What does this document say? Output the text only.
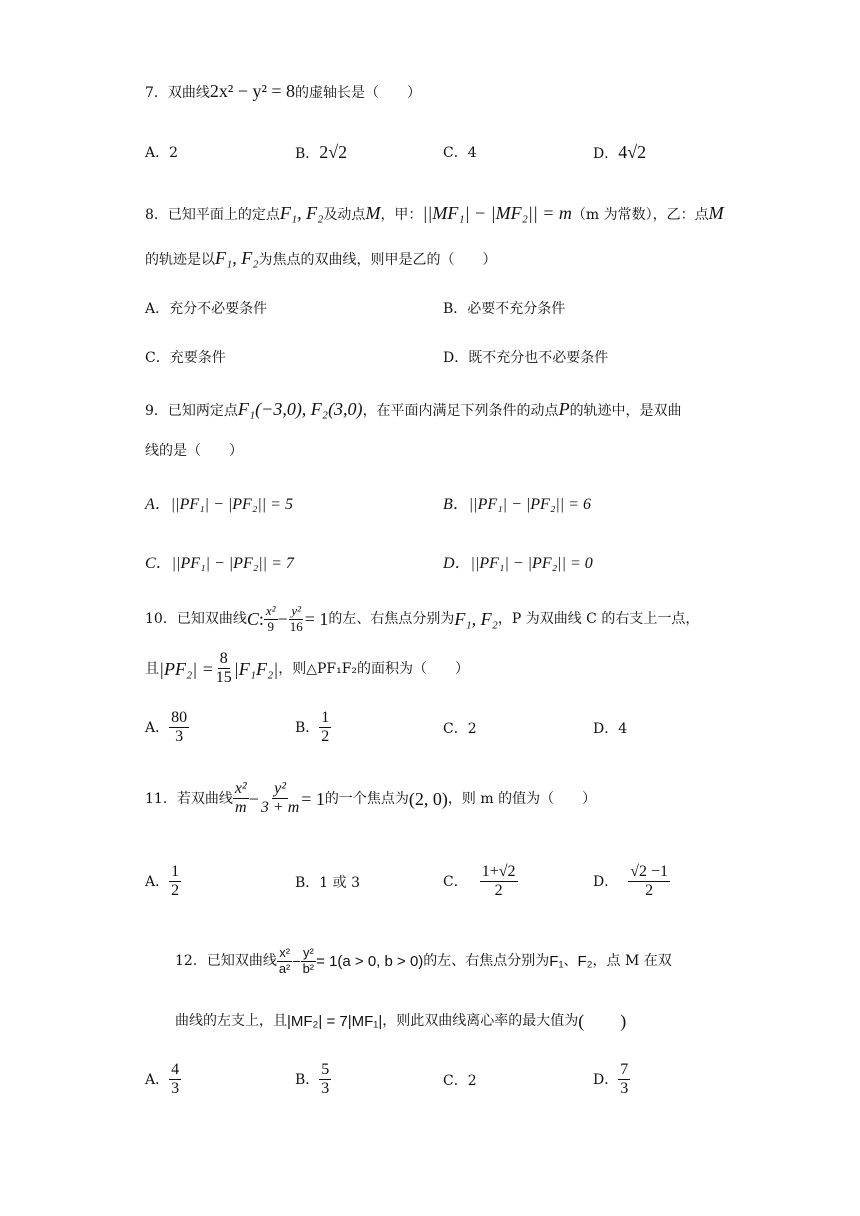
7．双曲线2x² − y² = 8的虚轴长是（　　）
A．2	B．2√2	C．4	D．4√2
8．已知平面上的定点F₁, F₂及动点M，甲：||MF₁| − |MF₂|| = m（m 为常数），乙：点M
的轨迹是以F₁, F₂为焦点的双曲线，则甲是乙的（　　）
A．充分不必要条件	B．必要不充分条件
C．充要条件	D．既不充分也不必要条件
9．已知两定点F₁(−3,0), F₂(3,0)，在平面内满足下列条件的动点P的轨迹中，是双曲
线的是（　　）
A．||PF₁| − |PF₂|| = 5	B．||PF₁| − |PF₂|| = 6
C．||PF₁| − |PF₂|| = 7	D．||PF₁| − |PF₂|| = 0
10．已知双曲线 C : $\frac{\text{x²}}{9} - \frac{\text{y²}}{16} = 1$ 的左、右焦点分别为 F₁, F₂ ，P 为双曲线 C 的右支上一点，
且 $|PF_2| = \frac{8}{15} |F_1F_2|$ ，则△PF₁F₂的面积为（　　）
A． $\frac{80}{3}$	B． $\frac{1}{2}$	C．2	D．4
11．若双曲线 $\frac{\text{x²}}{m} - \frac{\text{y²}}{3 + m} = 1$ 的一个焦点为 (2, 0) ，则 m 的值为（　　）
A． $\frac{1}{2}$	B．1 或 3	C． $\frac{1+√2}{2}$	D． $\frac{√2 -1}{2}$
12．已知双曲线 $\frac{\text{x²}}{\text{a²}} - \frac{\text{y²}}{\text{b²}} = 1(a > 0$, b > 0) 的左、右焦点分别为 F₁ 、 F₂ ，点 M 在双
曲线的左支上，且 |MF₂| = 7|MF₁| ，则此双曲线离心率的最大值为 (　　)
A． $\frac{4}{3}$	B． $\frac{5}{3}$	C．2	D． $\frac{7}{3}$
